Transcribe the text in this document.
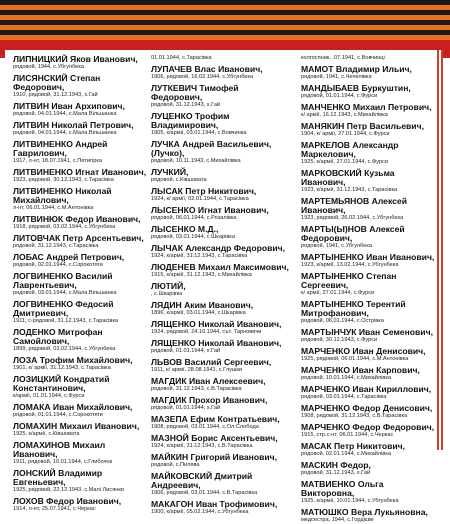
ЛИПНИЦКИЙ Яков Иванович,
рядовой, 1944, с.Убгунбека
ЛИСЯНСКИЙ Степан Федорович,
1910, рядовой, 31.12.1943, х.Гай
ЛИТВИН Иван Архипович,
рядовой, 04.01.1944, с.Мала Вільшанка
ЛИТВИН Николай Петрович,
рядовой, 04.01.1944, с.Мала Вільшанка
ЛИТВИНЕНКО Андрей Гаврилович,
1917, л-нт, 18.07.1941, с.Пятигірка
ЛИТВИНЕНКО Игнат Иванович,
1923, рядовой, 30.12.1943, с.Тарасівка
ЛИТВИНЕНКО Николай Михайлович,
л-нт, 06.01.1944, с.М.Антонівка
ЛИТВИНЮК Федор Иванович,
1918, рядовой, 03.02.1944, с.Убгунбека
ЛИТОВЧАК Петр Арсентьевич,
рядовой, 31.12.1943, с.Тарасівка
ЛОБАС Андрей Петрович,
рядовой, 02.01.1944, с.Сорокотяги
ЛОГВИНЕНКО Василий Лаврентьевич,
рядовой, 03.01.1944, с.Мала Вільшанка
ЛОГВИНЕНКО Федосий Дмитриевич,
1911, с-рядовой, 31.12.1943, с.Тарасівка
ЛОДЕНКО Митрофан Самойлович,
1899, рядовой, 03.02.1944, с.Убгунбека
ЛОЗА Трофим Михайлович,
1901, к/ армії, 31.12.1943, с.Тарасівка
ЛОЗИЦКИЙ Кондратий Константинович,
к/армії, 01.01.1944, с.Фурси
ЛОМАКА Иван Михайлович,
рядовой, 01.01.1944, с.Сорокотяги
ЛОМАХИН Михаил Иванович,
1925, к/армії, с.Ківшовата
ЛОМАХИНОВ Михаил Иванович,
1911, рядовой, 10.01.1944, с.Глибочок
ЛОНСКИЙ Владимир Евгеньевич,
1925, рядовой, 22.12.1943, с.Малі Лисянки
ЛОХОВ Федор Иванович,
1914, л-нт, 25.07.1941, с.Черкас
01.01.1944, с.Тарасівка
ЛУПАЧЕВ Влас Иванович,
1906, рядовой, 16.02.1944, с.Убгунбека
ЛУТКЕВИЧ Тимофей Федорович,
рядовой, 31.12.1943, х.Гай
ЛУЦЕНКО Трофим Владимирович,
1905, к/армії, 03.01.1944, с.Вовчинка
ЛУЧКА Андрей Васильевич, (Лучко),
рядовой, 10.11.1943, с.Михайлівка
ЛУЧКИЙ,
рядовой, с.Ківшовата
ЛЫСАК Петр Никитович,
1924, к/ армії, 02.01.1944, с.Тарасівка
ЛЫСЕНКО Игнат Иванович,
рядовой, 06.01.1944, с.Розалівка
ЛЫСЕНКО М.Д.,
рядовой, 03.01.1944, с.Шкарівка
ЛЫЧАК Александр Федорович,
1924, к/армії, 31.12.1943, с.Тарасівка
ЛЮДЕНЕВ Михаил Максимович,
1915, к/армії, 31.12.1943, с.Михайлівка
ЛЮТИЙ,
, с.Шкарівка
ЛЯДИН Аким Иванович,
1896, к/армії, 03.01.1944, с.Шкарівка
ЛЯЩЕНКО Николай Иванович,
1924, рядовой, 24.10.1944, сът. Тарновичи
ЛЯЩЕНКО Николай Иванович,
рядовой, 01.01.1944, х.Гай
ЛЬВОВ Василий Сергеевич,
1911, к/ армії, 28.08.1941, с.Глушки
МАГДИК Иван Алексеевич,
рядовой, 31.12.1943, с.В.Тарасівка
МАГДИК Прохор Иванович,
рядовой, 01.01.1944, х.Гай
МАЗЕПА Ефим Контратьевич,
1908, рядовой, 03.01.1944, с.Ол.Слобода
МАЗНОЙ Борис Аксентьевич,
1924, к/армії, 31.12.1943, с.В.Тарасівка
МАЙКИН Григорий Иванович,
рядовой, с.Пилява
МАЙКОВСКИЙ Дмитрий Андреевич,
1906, рядовой, 03.01.1944, с.В.Тарасівка
МАКАГОН Иван Трофимович,
1900, к/армії, 05.02.1944, с.Убгунбека
колгоспник, .07.1941, с.Вовчинці
МАМОТ Владимир Ильич,
рядовой, 1941, с.Чепелівка
МАНДЫБАЕВ Буркуштин,
рядовой, 01.01.1944, с.Фурси
МАНЧЕНКО Михаил Петрович,
к/ армії, 16.12.1943, с.Михайлівка
МАНЯКИН Петр Васильевич,
1904, к/ армії, 27.01.1944, с.Фурси
МАРКЕЛОВ Александр Маркелович,
1925, к/армії, 27.01.1944, с.Фурси
МАРКОВСКИЙ Кузьма Иванович,
1923, к/армії, 31.12.1943, с.Тарасівка
МАРТЕМЬЯНОВ Алексей Иванович,
1923, рядовой, 26.02.1944, с.Убгунбека
МАРТЫ(Ы)НОВ Алексей Федорович,
рядовой, 1941, с.Убгунбека
МАРТЫНЕНКО Иван Иванович,
1923, к/армії, 13.02.1944, с.Убгунбека
МАРТЫНЕНКО Степан Сергеевич,
к/ армії, 27.01.1944, с.Фурси
МАРТЫНЕНКО Терентий Митрофанович,
рядовой, 06.01.1944, с.Острівка
МАРТЫНЧУК Иван Семенович,
рядовой, 30.12.1943, с.Фурси
МАРЧЕНКО Иван Денисович,
1925, рядовой, 06.01.1944, с.М.Антонівка
МАРЧЕНКО Иван Карпович,
рядовой, 10.01.1944, с.Михайлівка
МАРЧЕНКО Иван Кириллович,
рядовой, 03.01.1944, с.Тарасівка
МАРЧЕНКО Федор Денисович,
1908, рядовой, 31.12.1943, с.В.Тарасівка
МАРЧЕНКО Федор Федорович,
1915, стр.с-нт, 06.01.1944, с.Черкас
МАСАК Петр Никитович,
рядовой, 02.01.1944, с.Михайлівка
МАСКИН Федор,
рядовой, 31.12.1943, х.Гай
МАТВИЕНКО Ольга Викторовна,
1925, к/армії, 10.01.1944, с.Убгунбека
МАТЮШКО Вера Лукьяновна,
медсестра, 1944, с.Гордієве
